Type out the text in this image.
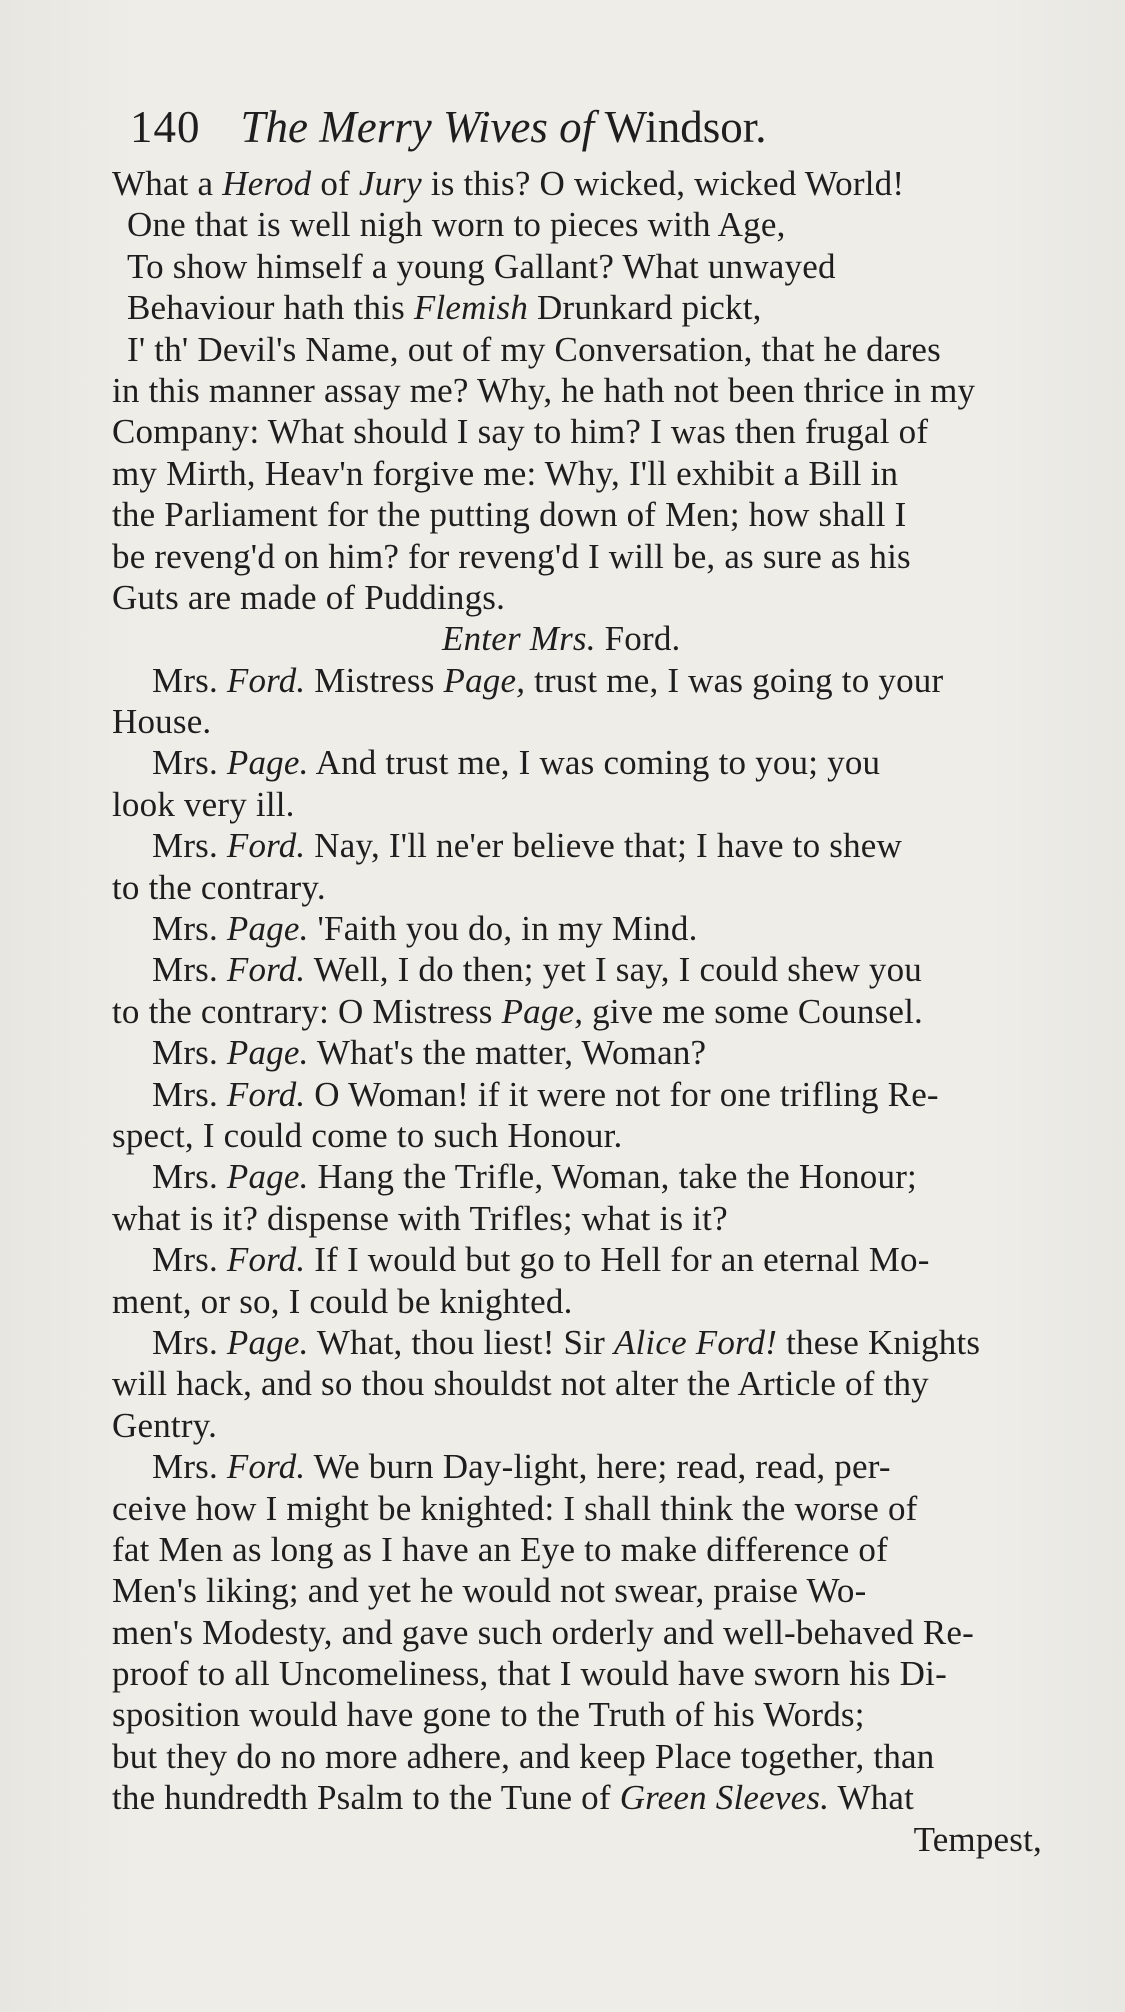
140 The Merry Wives of Windsor.
What a Herod of Jury is this? O wicked, wicked World!
One that is well nigh worn to pieces with Age,
To show himself a young Gallant? What unwayed
Behaviour hath this Flemish Drunkard pickt,
I' th' Devil's Name, out of my Conversation, that he dares
in this manner assay me? Why, he hath not been thrice in my
Company: What should I say to him? I was then frugal of
my Mirth, Heav'n forgive me: Why, I'll exhibit a Bill in
the Parliament for the putting down of Men; how shall I
be reveng'd on him? for reveng'd I will be, as sure as his
Guts are made of Puddings.
Enter Mrs. Ford.
Mrs. Ford. Mistress Page, trust me, I was going to your
House.
Mrs. Page. And trust me, I was coming to you; you
look very ill.
Mrs. Ford. Nay, I'll ne'er believe that; I have to shew
to the contrary.
Mrs. Page. 'Faith you do, in my Mind.
Mrs. Ford. Well, I do then; yet I say, I could shew you
to the contrary: O Mistress Page, give me some Counsel.
Mrs. Page. What's the matter, Woman?
Mrs. Ford. O Woman! if it were not for one trifling Re-
spect, I could come to such Honour.
Mrs. Page. Hang the Trifle, Woman, take the Honour;
what is it? dispense with Trifles; what is it?
Mrs. Ford. If I would but go to Hell for an eternal Mo-
ment, or so, I could be knighted.
Mrs. Page. What, thou liest! Sir Alice Ford! these Knights
will hack, and so thou shouldst not alter the Article of thy
Gentry.
Mrs. Ford. We burn Day-light, here; read, read, per-
ceive how I might be knighted: I shall think the worse of
fat Men as long as I have an Eye to make difference of
Men's liking; and yet he would not swear, praise Wo-
men's Modesty, and gave such orderly and well-behaved Re-
proof to all Uncomeliness, that I would have sworn his Di-
sposition would have gone to the Truth of his Words;
but they do no more adhere, and keep Place together, than
the hundredth Psalm to the Tune of Green Sleeves. What
Tempest,
